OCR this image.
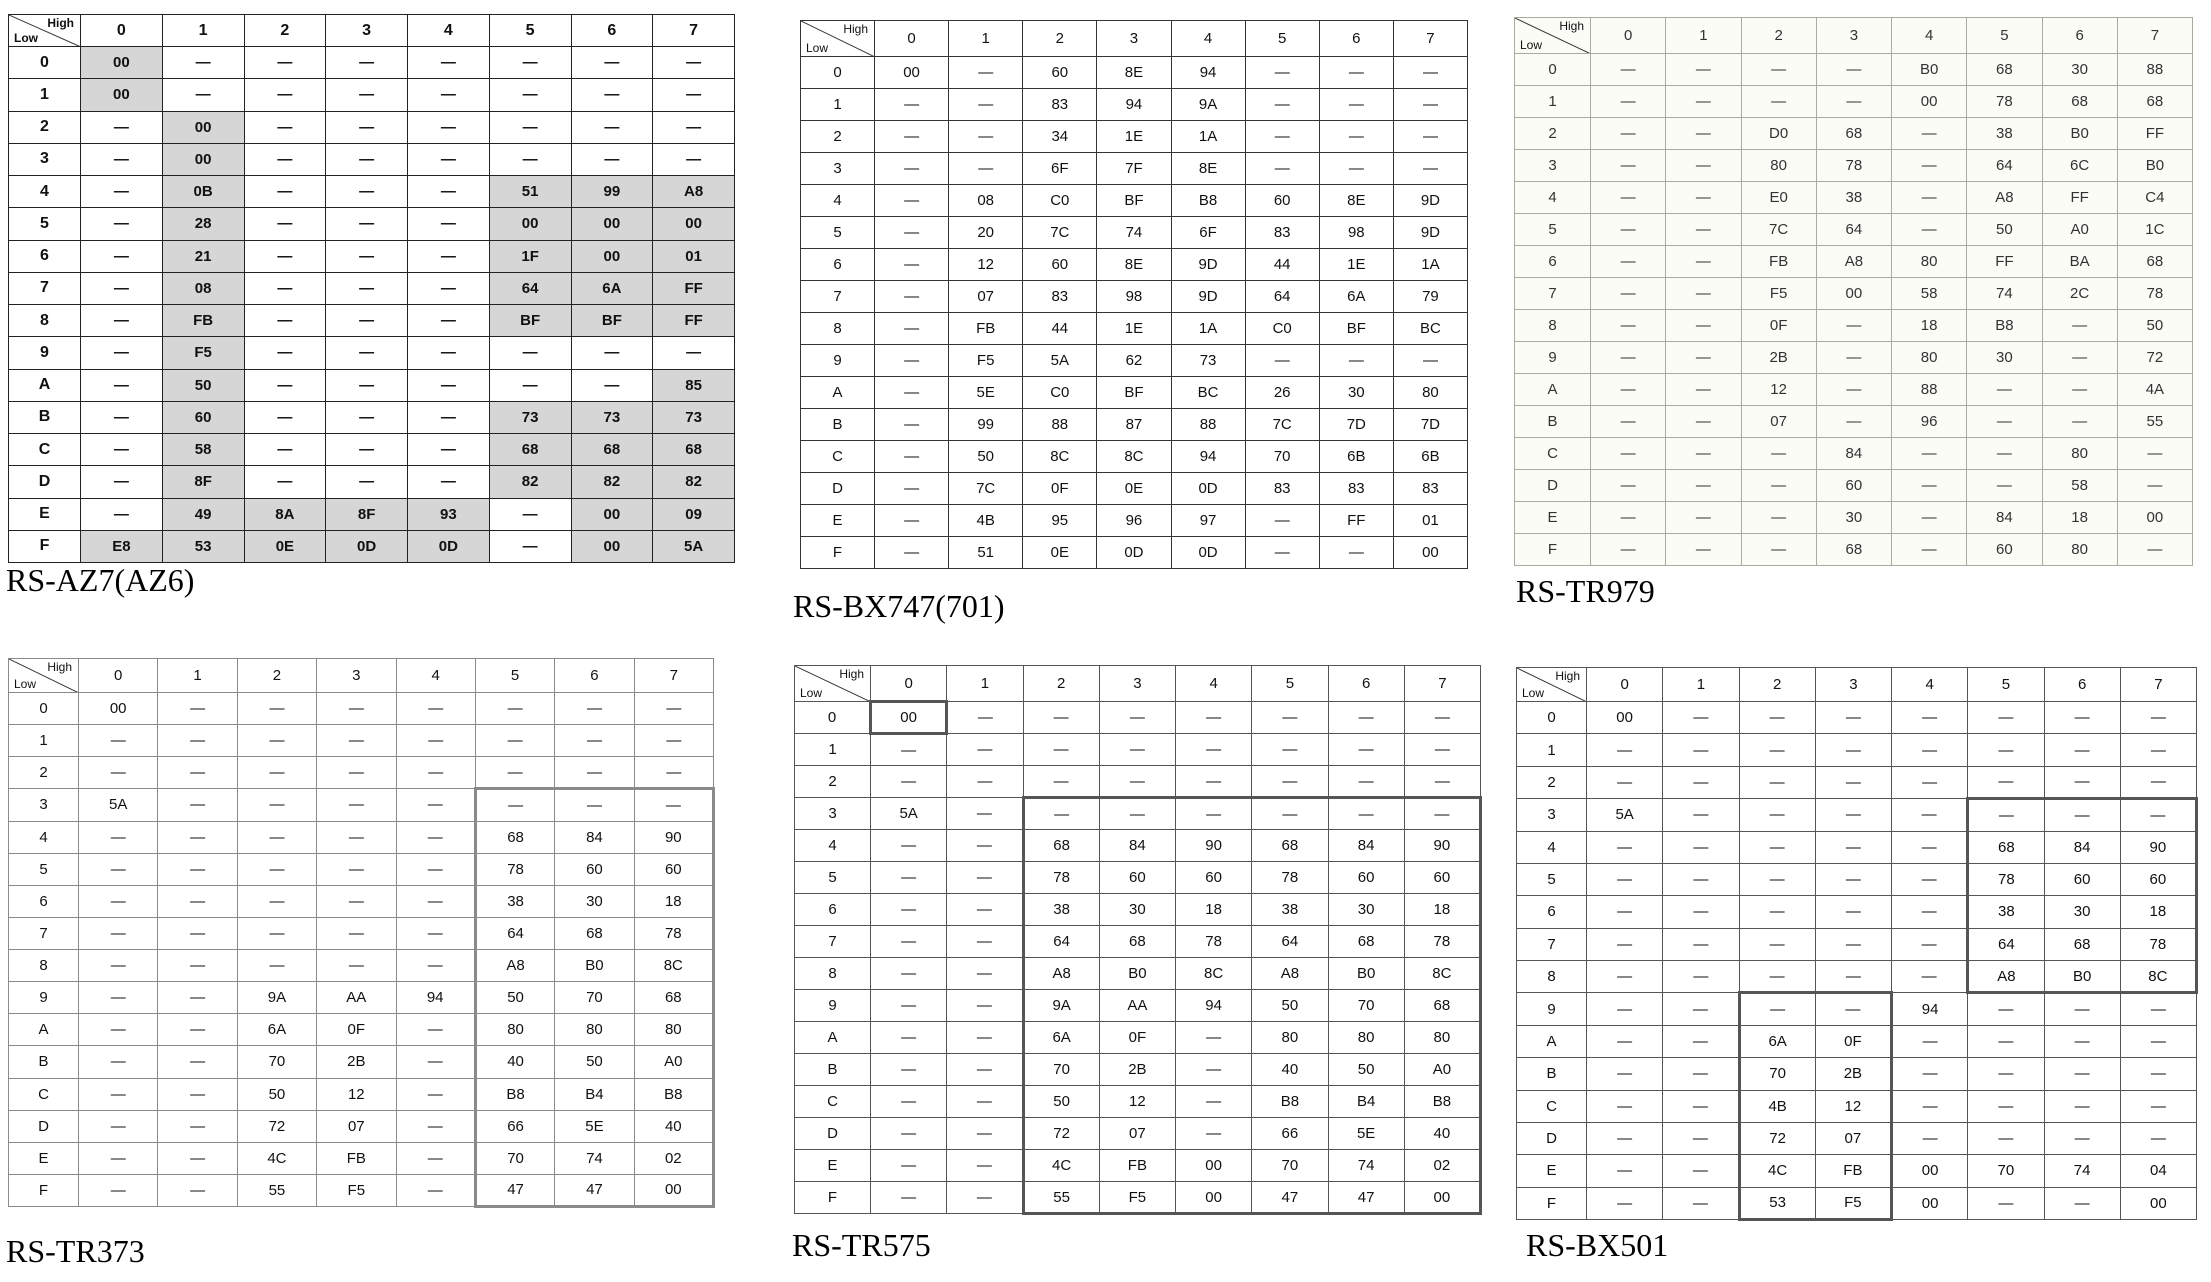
High
Low	0	1	2	3	4	5	6	7
0	00	—	—	—	—	—	—	—
1	00	—	—	—	—	—	—	—
2	—	00	—	—	—	—	—	—
3	—	00	—	—	—	—	—	—
4	—	0B	—	—	—	51	99	A8
5	—	28	—	—	—	00	00	00
6	—	21	—	—	—	1F	00	01
7	—	08	—	—	—	64	6A	FF
8	—	FB	—	—	—	BF	BF	FF
9	—	F5	—	—	—	—	—	—
A	—	50	—	—	—	—	—	85
B	—	60	—	—	—	73	73	73
C	—	58	—	—	—	68	68	68
D	—	8F	—	—	—	82	82	82
E	—	49	8A	8F	93	—	00	09
F	E8	53	0E	0D	0D	—	00	5A
RS-AZ7(AZ6)
High
Low	0	1	2	3	4	5	6	7
0	00	—	60	8E	94	—	—	—
1	—	—	83	94	9A	—	—	—
2	—	—	34	1E	1A	—	—	—
3	—	—	6F	7F	8E	—	—	—
4	—	08	C0	BF	B8	60	8E	9D
5	—	20	7C	74	6F	83	98	9D
6	—	12	60	8E	9D	44	1E	1A
7	—	07	83	98	9D	64	6A	79
8	—	FB	44	1E	1A	C0	BF	BC
9	—	F5	5A	62	73	—	—	—
A	—	5E	C0	BF	BC	26	30	80
B	—	99	88	87	88	7C	7D	7D
C	—	50	8C	8C	94	70	6B	6B
D	—	7C	0F	0E	0D	83	83	83
E	—	4B	95	96	97	—	FF	01
F	—	51	0E	0D	0D	—	—	00
RS-BX747(701)
High
Low	0	1	2	3	4	5	6	7
0	—	—	—	—	B0	68	30	88
1	—	—	—	—	00	78	68	68
2	—	—	D0	68	—	38	B0	FF
3	—	—	80	78	—	64	6C	B0
4	—	—	E0	38	—	A8	FF	C4
5	—	—	7C	64	—	50	A0	1C
6	—	—	FB	A8	80	FF	BA	68
7	—	—	F5	00	58	74	2C	78
8	—	—	0F	—	18	B8	—	50
9	—	—	2B	—	80	30	—	72
A	—	—	12	—	88	—	—	4A
B	—	—	07	—	96	—	—	55
C	—	—	—	84	—	—	80	—
D	—	—	—	60	—	—	58	—
E	—	—	—	30	—	84	18	00
F	—	—	—	68	—	60	80	—
RS-TR979
High
Low	0	1	2	3	4	5	6	7
0	00	—	—	—	—	—	—	—
1	—	—	—	—	—	—	—	—
2	—	—	—	—	—	—	—	—
3	5A	—	—	—	—	—	—	—
4	—	—	—	—	—	68	84	90
5	—	—	—	—	—	78	60	60
6	—	—	—	—	—	38	30	18
7	—	—	—	—	—	64	68	78
8	—	—	—	—	—	A8	B0	8C
9	—	—	9A	AA	94	50	70	68
A	—	—	6A	0F	—	80	80	80
B	—	—	70	2B	—	40	50	A0
C	—	—	50	12	—	B8	B4	B8
D	—	—	72	07	—	66	5E	40
E	—	—	4C	FB	—	70	74	02
F	—	—	55	F5	—	47	47	00
RS-TR373
High
Low	0	1	2	3	4	5	6	7
0	00	—	—	—	—	—	—	—
1	—	—	—	—	—	—	—	—
2	—	—	—	—	—	—	—	—
3	5A	—	—	—	—	—	—	—
4	—	—	68	84	90	68	84	90
5	—	—	78	60	60	78	60	60
6	—	—	38	30	18	38	30	18
7	—	—	64	68	78	64	68	78
8	—	—	A8	B0	8C	A8	B0	8C
9	—	—	9A	AA	94	50	70	68
A	—	—	6A	0F	—	80	80	80
B	—	—	70	2B	—	40	50	A0
C	—	—	50	12	—	B8	B4	B8
D	—	—	72	07	—	66	5E	40
E	—	—	4C	FB	00	70	74	02
F	—	—	55	F5	00	47	47	00
RS-TR575
High
Low	0	1	2	3	4	5	6	7
0	00	—	—	—	—	—	—	—
1	—	—	—	—	—	—	—	—
2	—	—	—	—	—	—	—	—
3	5A	—	—	—	—	—	—	—
4	—	—	—	—	—	68	84	90
5	—	—	—	—	—	78	60	60
6	—	—	—	—	—	38	30	18
7	—	—	—	—	—	64	68	78
8	—	—	—	—	—	A8	B0	8C
9	—	—	—	—	94	—	—	—
A	—	—	6A	0F	—	—	—	—
B	—	—	70	2B	—	—	—	—
C	—	—	4B	12	—	—	—	—
D	—	—	72	07	—	—	—	—
E	—	—	4C	FB	00	70	74	04
F	—	—	53	F5	00	—	—	00
RS-BX501
